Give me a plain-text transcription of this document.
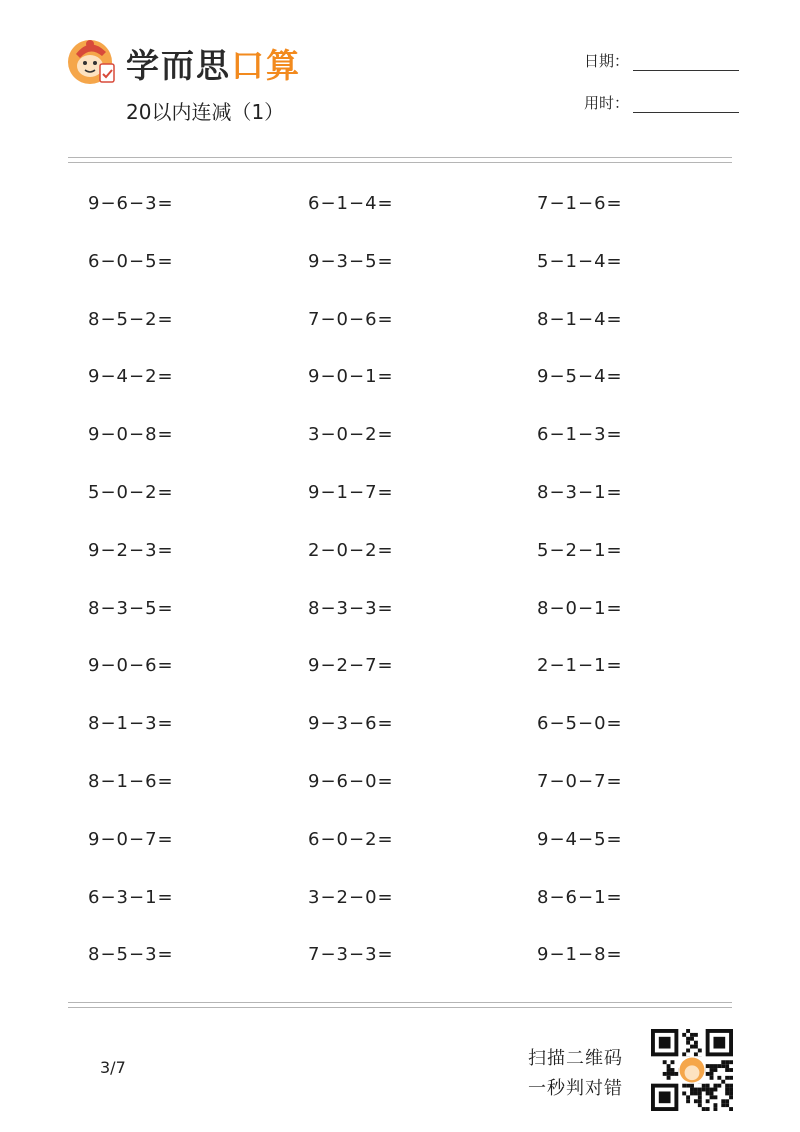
学而思口算
20以内连减（1）
日期：
用时：
9−6−3=	6−1−4=	7−1−6=
6−0−5=	9−3−5=	5−1−4=
8−5−2=	7−0−6=	8−1−4=
9−4−2=	9−0−1=	9−5−4=
9−0−8=	3−0−2=	6−1−3=
5−0−2=	9−1−7=	8−3−1=
9−2−3=	2−0−2=	5−2−1=
8−3−5=	8−3−3=	8−0−1=
9−0−6=	9−2−7=	2−1−1=
8−1−3=	9−3−6=	6−5−0=
8−1−6=	9−6−0=	7−0−7=
9−0−7=	6−0−2=	9−4−5=
6−3−1=	3−2−0=	8−6−1=
8−5−3=	7−3−3=	9−1−8=
3/7	扫描二维码
一秒判对错
